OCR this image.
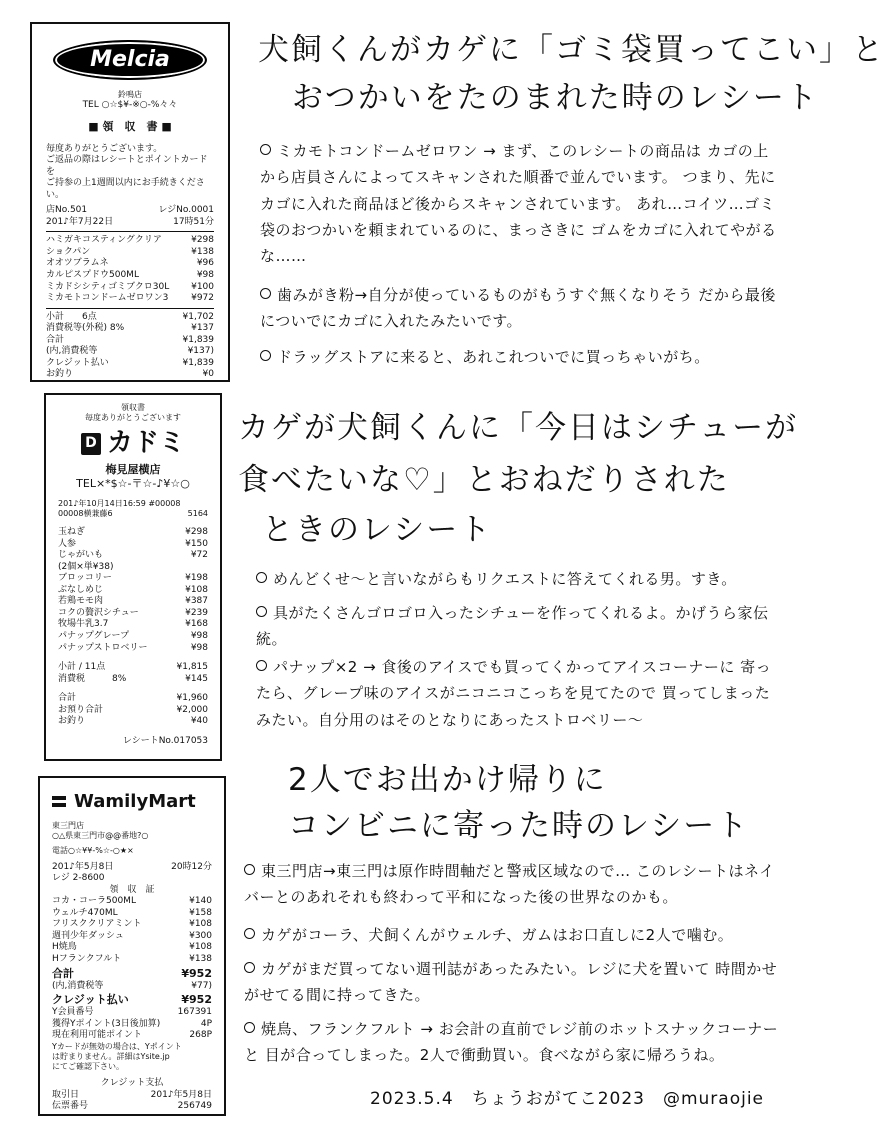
Melcia
鈴鳴店
TEL ○☆$¥-※○-%々々
■ 領　収　書 ■
毎度ありがとうございます。
ご返品の際はレシートとポイントカードを
ご持参の上1週間以内にお手続きください。
店No.501	レジNo.0001
201♪年7月22日	17時51分
ハミガキコスティングクリア	¥298
ショクパン	¥138
オオツブラムネ	¥96
カルピスプドウ500ML	¥98
ミカドシシティゴミブクロ30L ¥100
ミカモトコンドームゼロワン3	¥972
小計　　6点	¥1,702
消費税等(外税) 8%	¥137
合計	¥1,839
(内,消費税等	¥137)
クレジット払い	¥1,839
お釣り	¥0
領収書
毎度ありがとうございます
D カドミ
梅見屋横店
TEL×*$☆-〒☆-♪¥☆○
201♪年10月14日16:59 #00008
00008横兼藤6	5164
玉ねぎ	¥298
人参	¥150
じゃがいも	¥72
(2個×単¥38)
ブロッコリー	¥198
ぶなしめじ	¥108
若鶏モモ肉	¥387
コクの贅沢シチュー	¥239
牧場牛乳3.7	¥168
パナップグレープ	¥98
パナップストロベリー	¥98
小計 / 11点	¥1,815
消費税　　　8%	¥145
合計	¥1,960
お預り合計	¥2,000
お釣り	¥40
レシートNo.017053
WamilyMart
東三門店
○△県東三門市@@番地?○
電話○☆¥¥-%☆-○★×
201♪年5月8日	20時12分
レジ 2-8600
領　収　証
コカ・コーラ500ML	¥140
ウェルチ470ML	¥158
フリスククリアミント	¥108
週刊少年ダッシュ	¥300
H焼鳥	¥108
Hフランクフルト	¥138
合計	¥952
(内,消費税等	¥77)
クレジット払い	¥952
Y会員番号	167391
獲得Yポイント(3日後加算)	4P
現在利用可能ポイント	268P
Yカードが無効の場合は、Yポイント
は貯まりません。詳細はYsite.jp
にてご確認下さい。
クレジット支払
取引日	201♪年5月8日
伝票番号	256749
犬飼くんがカゲに「ゴミ袋買ってこい」と
おつかいをたのまれた時のレシート
ミカモトコンドームゼロワン → まず、このレシートの商品は カゴの上から店員さんによってスキャンされた順番で並んでいます。 つまり、先にカゴに入れた商品ほど後からスキャンされています。 あれ…コイツ…ゴミ袋のおつかいを頼まれているのに、まっさきに ゴムをカゴに入れてやがるな……
歯みがき粉→自分が使っているものがもうすぐ無くなりそう だから最後についでにカゴに入れたみたいです。
ドラッグストアに来ると、あれこれついでに買っちゃいがち。
カゲが犬飼くんに「今日はシチューが
食べたいな♡」とおねだりされた
ときのレシート
めんどくせ〜と言いながらもリクエストに答えてくれる男。すき。
具がたくさんゴロゴロ入ったシチューを作ってくれるよ。かげうら家伝統。
パナップ×2 → 食後のアイスでも買ってくかってアイスコーナーに 寄ったら、グレープ味のアイスがニコニコこっちを見てたので 買ってしまったみたい。自分用のはそのとなりにあったストロベリー〜
2人でお出かけ帰りに
コンビニに寄った時のレシート
東三門店→東三門は原作時間軸だと警戒区域なので… このレシートはネイバーとのあれそれも終わって平和になった後の世界なのかも。
カゲがコーラ、犬飼くんがウェルチ、ガムはお口直しに2人で噛む。
カゲがまだ買ってない週刊誌があったみたい。レジに犬を置いて 時間かせがせてる間に持ってきた。
焼鳥、フランクフルト → お会計の直前でレジ前のホットスナックコーナーと 目が合ってしまった。2人で衝動買い。食べながら家に帰ろうね。
2023.5.4　ちょうおがてこ2023　@muraojie
